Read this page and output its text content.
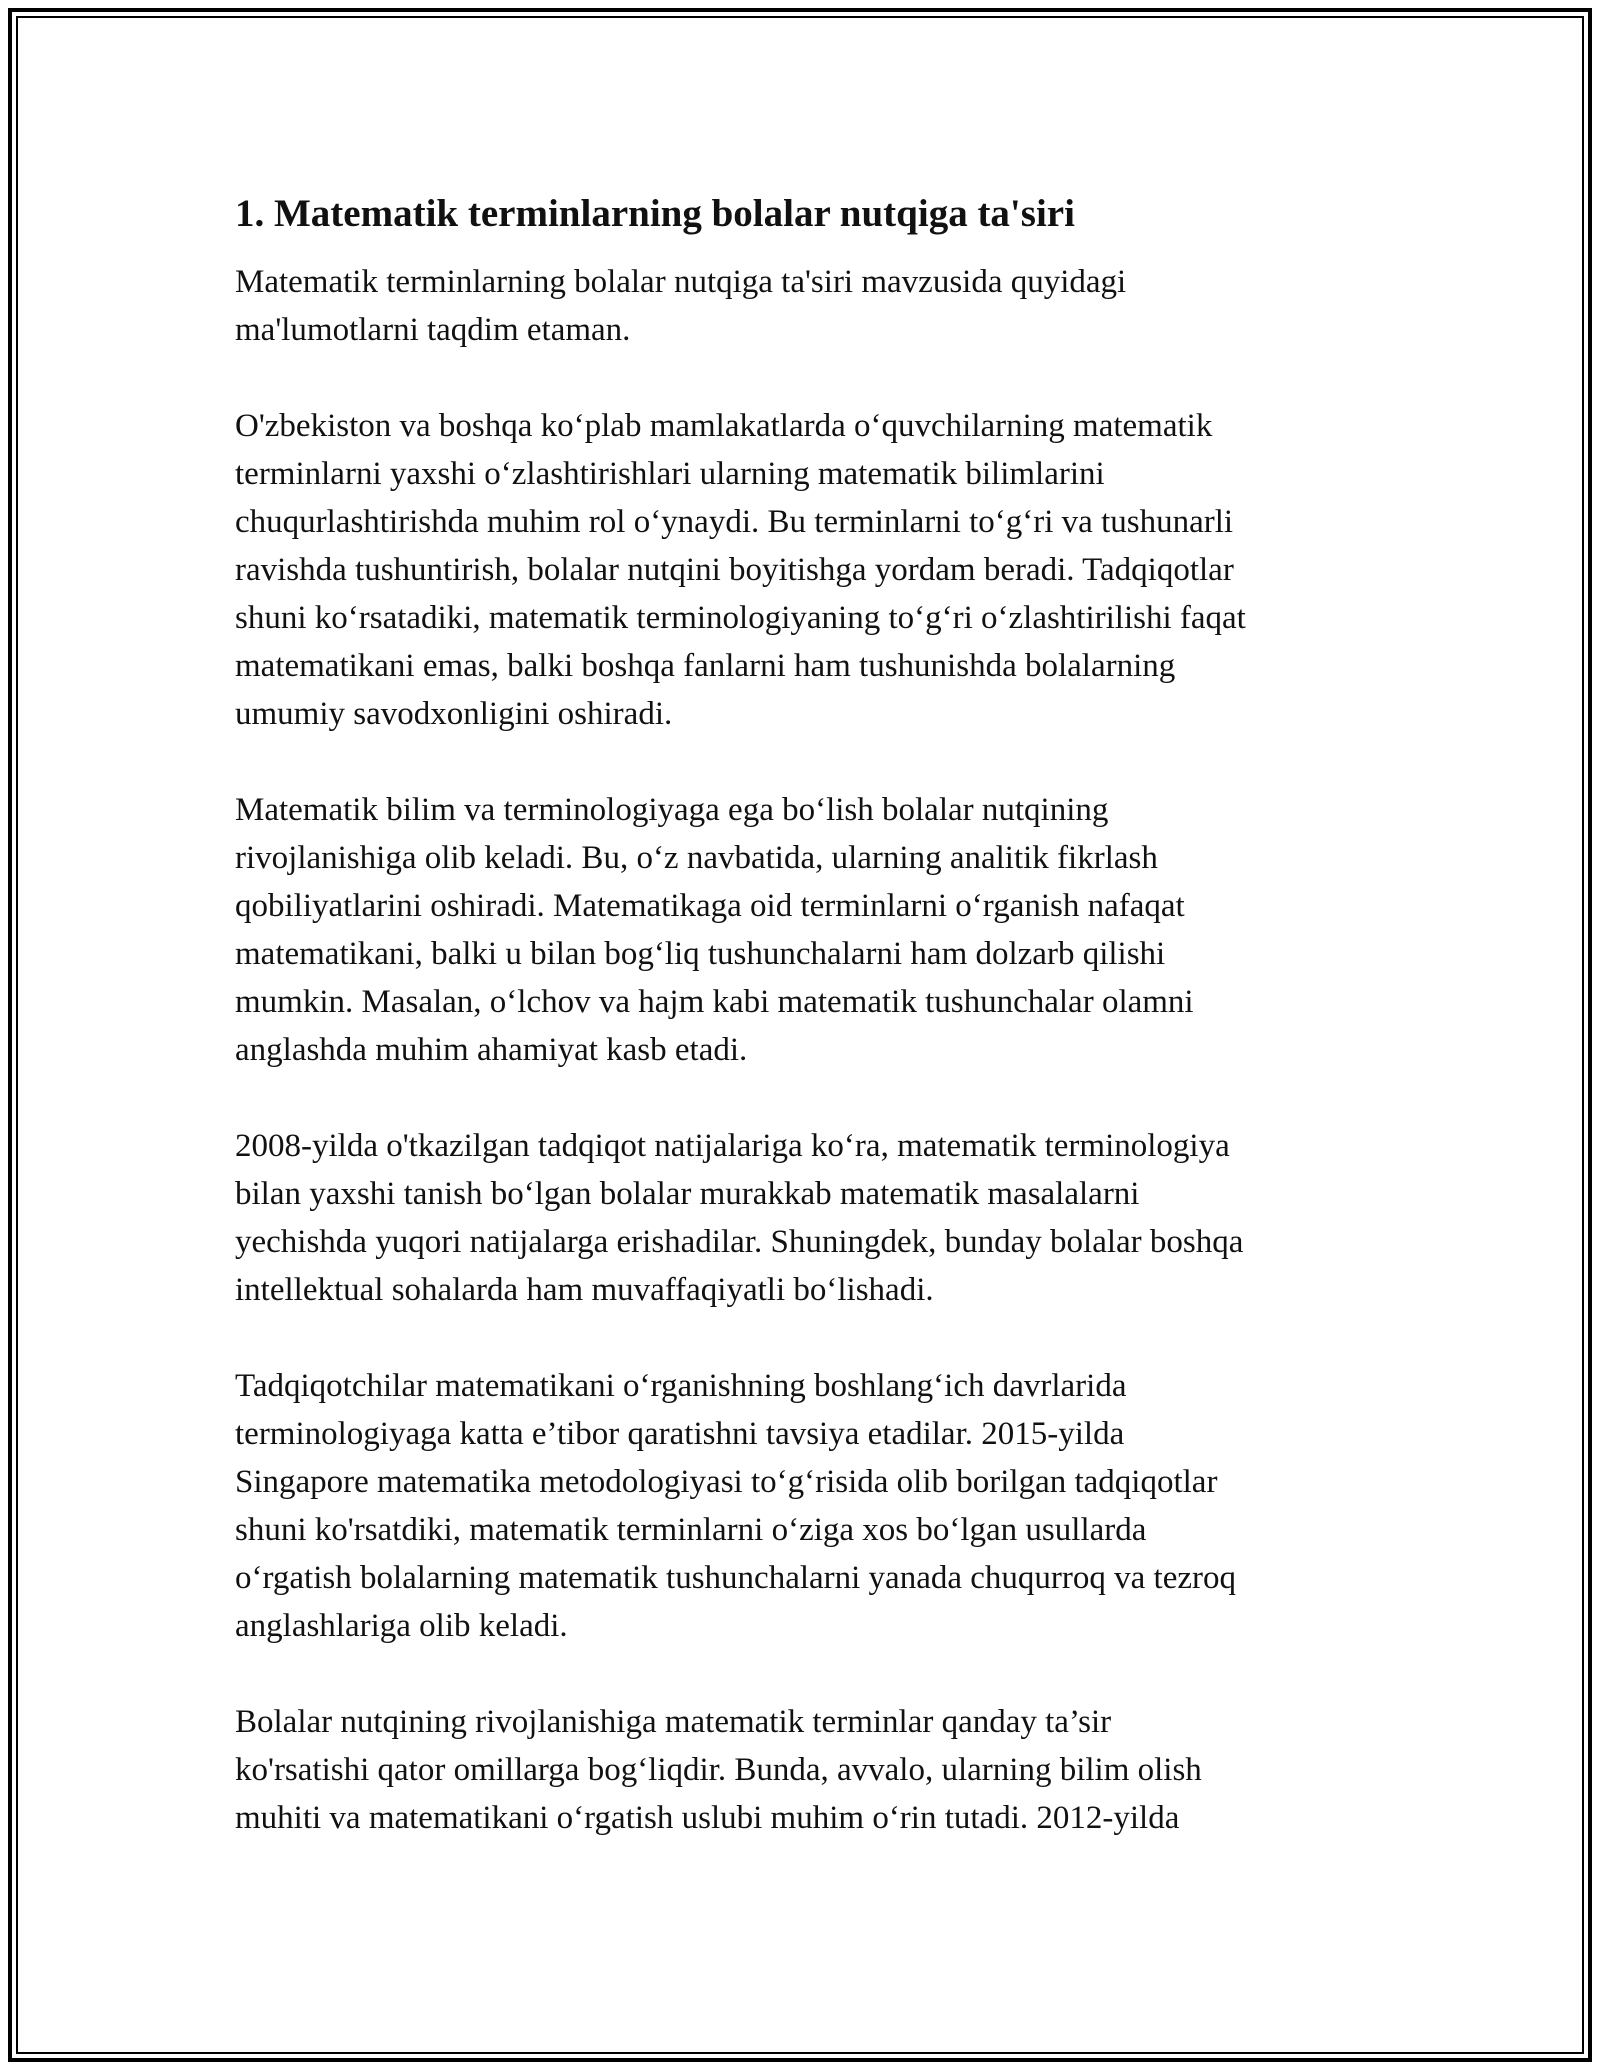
1. Matematik terminlarning bolalar nutqiga ta'siri

Matematik terminlarning bolalar nutqiga ta'siri mavzusida quyidagi
ma'lumotlarni taqdim etaman.

O'zbekiston va boshqa koʻplab mamlakatlarda oʻquvchilarning matematik
terminlarni yaxshi oʻzlashtirishlari ularning matematik bilimlarini
chuqurlashtirishda muhim rol oʻynaydi. Bu terminlarni toʻgʻri va tushunarli
ravishda tushuntirish, bolalar nutqini boyitishga yordam beradi. Tadqiqotlar
shuni koʻrsatadiki, matematik terminologiyaning toʻgʻri oʻzlashtirilishi faqat
matematikani emas, balki boshqa fanlarni ham tushunishda bolalarning
umumiy savodxonligini oshiradi.

Matematik bilim va terminologiyaga ega boʻlish bolalar nutqining
rivojlanishiga olib keladi. Bu, oʻz navbatida, ularning analitik fikrlash
qobiliyatlarini oshiradi. Matematikaga oid terminlarni oʻrganish nafaqat
matematikani, balki u bilan bogʻliq tushunchalarni ham dolzarb qilishi
mumkin. Masalan, oʻlchov va hajm kabi matematik tushunchalar olamni
anglashda muhim ahamiyat kasb etadi.

2008-yilda o'tkazilgan tadqiqot natijalariga koʻra, matematik terminologiya
bilan yaxshi tanish boʻlgan bolalar murakkab matematik masalalarni
yechishda yuqori natijalarga erishadilar. Shuningdek, bunday bolalar boshqa
intellektual sohalarda ham muvaffaqiyatli boʻlishadi.

Tadqiqotchilar matematikani oʻrganishning boshlangʻich davrlarida
terminologiyaga katta e’tibor qaratishni tavsiya etadilar. 2015-yilda
Singapore matematika metodologiyasi toʻgʻrisida olib borilgan tadqiqotlar
shuni ko'rsatdiki, matematik terminlarni oʻziga xos boʻlgan usullarda
oʻrgatish bolalarning matematik tushunchalarni yanada chuqurroq va tezroq
anglashlariga olib keladi.

Bolalar nutqining rivojlanishiga matematik terminlar qanday ta’sir
ko'rsatishi qator omillarga bogʻliqdir. Bunda, avvalo, ularning bilim olish
muhiti va matematikani oʻrgatish uslubi muhim oʻrin tutadi. 2012-yilda
